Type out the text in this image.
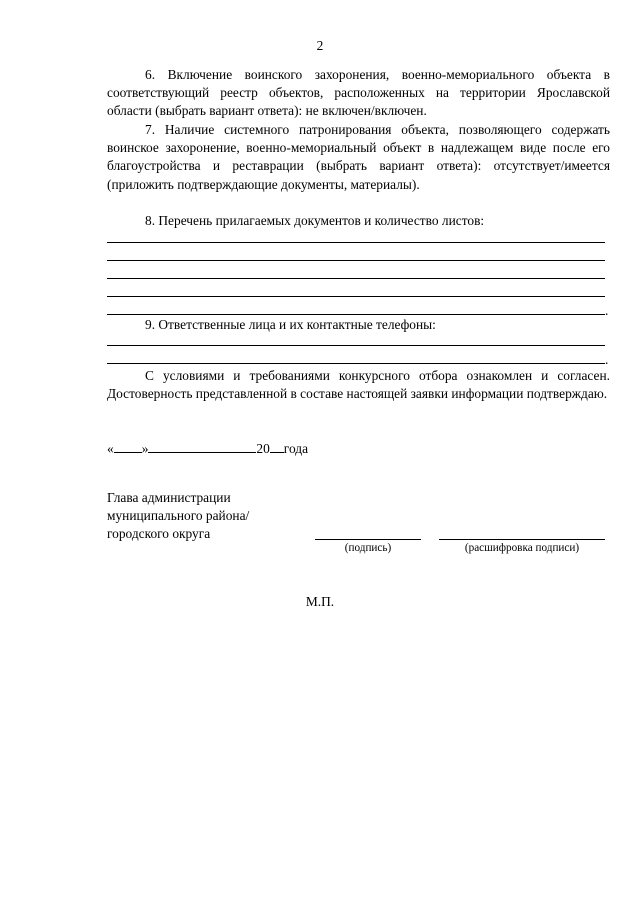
2

6. Включение воинского захоронения, военно-мемориального объекта в соответствующий реестр объектов, расположенных на территории Ярославской области (выбрать вариант ответа): не включен/включен.

7. Наличие системного патронирования объекта, позволяющего содержать воинское захоронение, военно-мемориальный объект в надлежащем виде после его благоустройства и реставрации (выбрать вариант ответа): отсутствует/имеется (приложить подтверждающие документы, материалы).

8. Перечень прилагаемых документов и количество листов:

.

9. Ответственные лица и их контактные телефоны:

.

С условиями и требованиями конкурсного отбора ознакомлен и согласен. Достоверность представленной в составе настоящей заявки информации подтверждаю.

« »	20 года
Глава администрации
муниципального района/
городского округа
(подпись)	(расшифровка подписи)
М.П.
